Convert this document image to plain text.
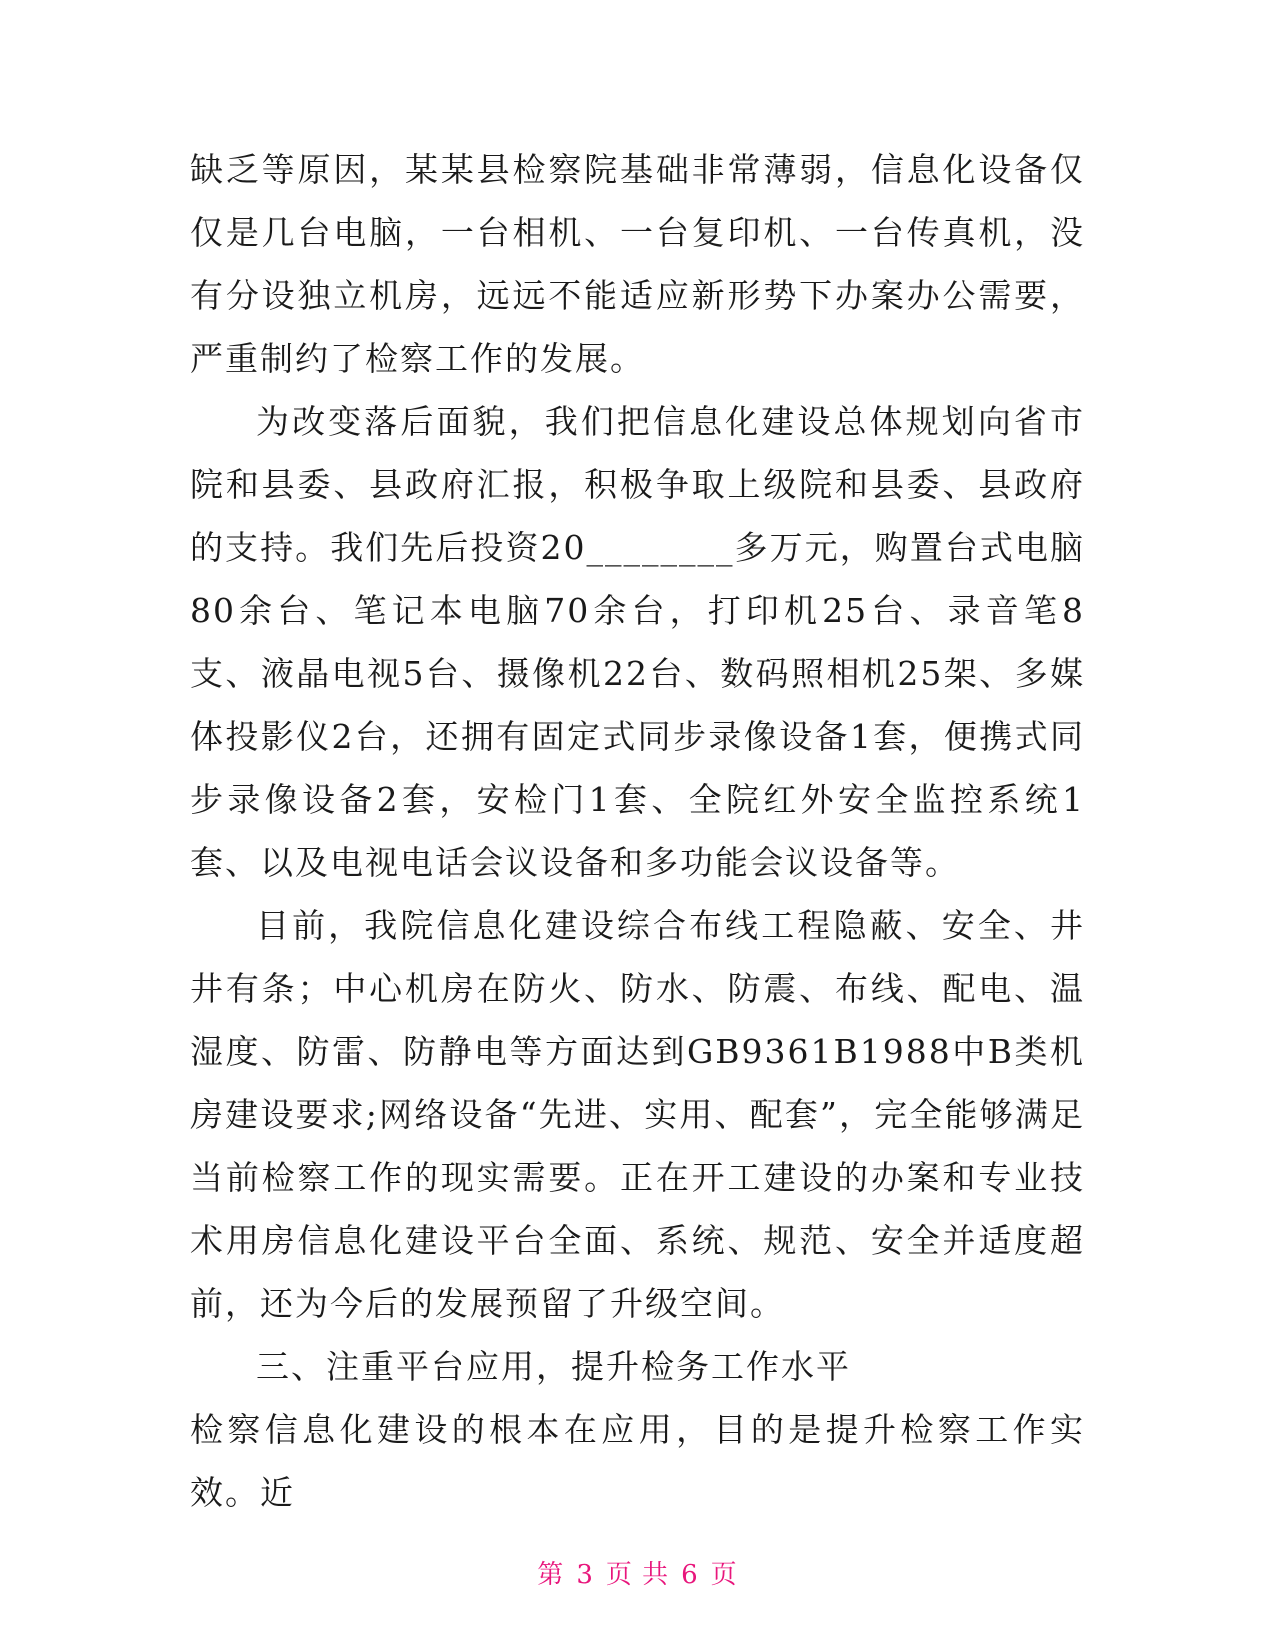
缺乏等原因，某某县检察院基础非常薄弱，信息化设备仅仅是几台电脑，一台相机、一台复印机、一台传真机，没有分设独立机房，远远不能适应新形势下办案办公需要，严重制约了检察工作的发展。

为改变落后面貌，我们把信息化建设总体规划向省市院和县委、县政府汇报，积极争取上级院和县委、县政府的支持。我们先后投资20________多万元，购置台式电脑80余台、笔记本电脑70余台，打印机25台、录音笔8支、液晶电视5台、摄像机22台、数码照相机25架、多媒体投影仪2台，还拥有固定式同步录像设备1套，便携式同步录像设备2套，安检门1套、全院红外安全监控系统1套、以及电视电话会议设备和多功能会议设备等。

目前，我院信息化建设综合布线工程隐蔽、安全、井井有条；中心机房在防火、防水、防震、布线、配电、温湿度、防雷、防静电等方面达到GB9361B1988中B类机房建设要求;网络设备“先进、实用、配套”，完全能够满足当前检察工作的现实需要。正在开工建设的办案和专业技术用房信息化建设平台全面、系统、规范、安全并适度超前，还为今后的发展预留了升级空间。

三、注重平台应用，提升检务工作水平

检察信息化建设的根本在应用，目的是提升检察工作实效。近

第 3 页 共 6 页
